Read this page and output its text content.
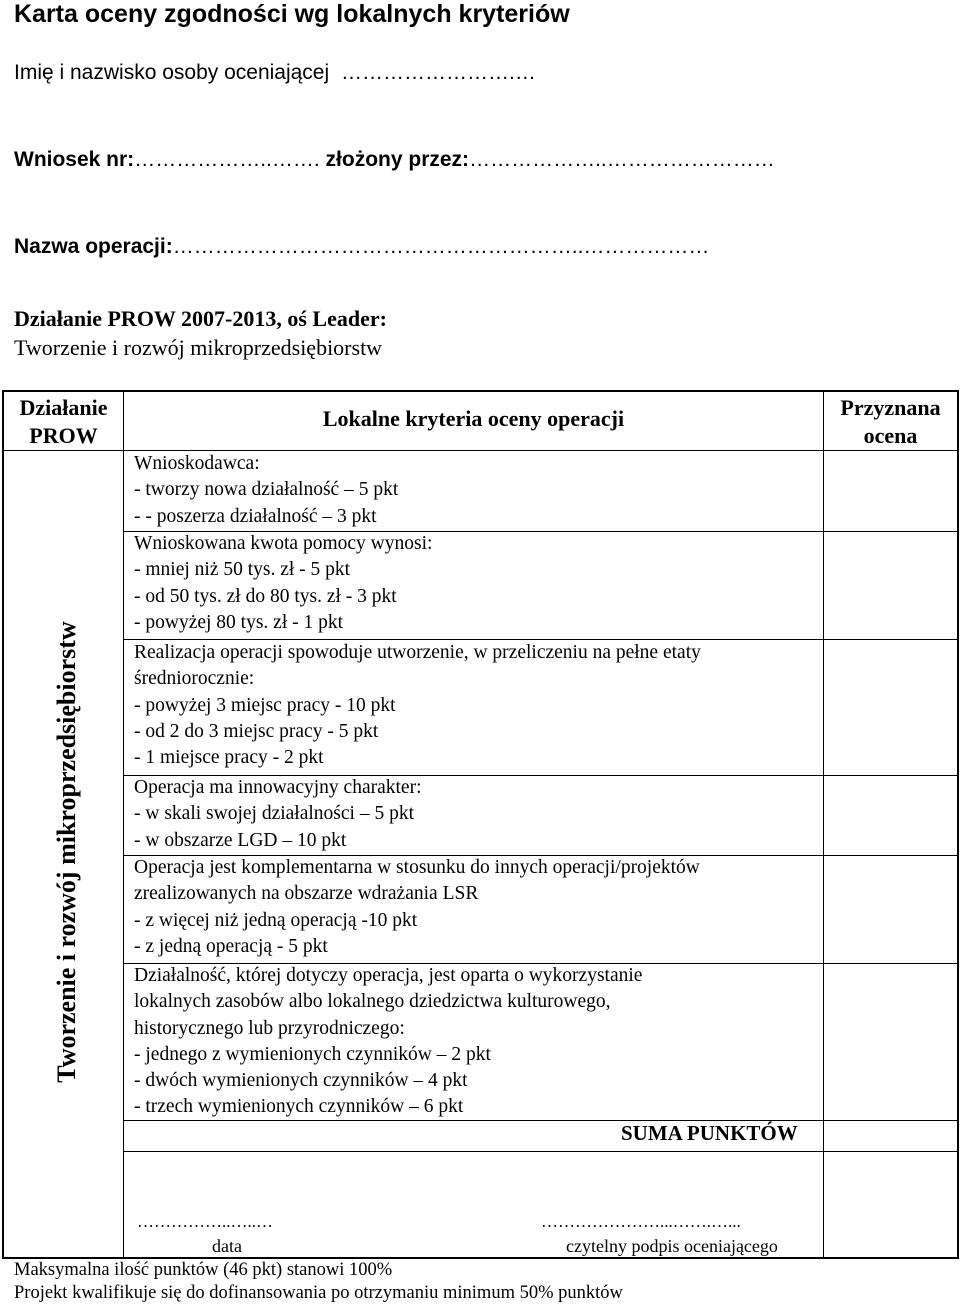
Karta oceny zgodności wg lokalnych kryteriów
Imię i nazwisko osoby oceniającej …………………….…
Wniosek nr:………………..……. złożony przez:………………..……………………
Nazwa operacji:…………………………………………………..………………
Działanie PROW 2007-2013, oś Leader:
Tworzenie i rozwój mikroprzedsiębiorstw
Działanie
PROW
Lokalne kryteria oceny operacji	Przyznana
ocena
Tworzenie i rozwój mikroprzedsiębiorstw
Wnioskodawca:
- tworzy nowa działalność – 5 pkt
- - poszerza działalność – 3 pkt
Wnioskowana kwota pomocy wynosi:
- mniej niż 50 tys. zł - 5 pkt
- od 50 tys. zł do 80 tys. zł - 3 pkt
- powyżej 80 tys. zł - 1 pkt
Realizacja operacji spowoduje utworzenie, w przeliczeniu na pełne etaty
średniorocznie:
- powyżej 3 miejsc pracy - 10 pkt
- od 2 do 3 miejsc pracy - 5 pkt
- 1 miejsce pracy - 2 pkt
Operacja ma innowacyjny charakter:
- w skali swojej działalności – 5 pkt
- w obszarze LGD – 10 pkt
Operacja jest komplementarna w stosunku do innych operacji/projektów
zrealizowanych na obszarze wdrażania LSR
- z więcej niż jedną operacją -10 pkt
- z jedną operacją - 5 pkt
Działalność, której dotyczy operacja, jest oparta o wykorzystanie
lokalnych zasobów albo lokalnego dziedzictwa kulturowego,
historycznego lub przyrodniczego:
- jednego z wymienionych czynników – 2 pkt
- dwóch wymienionych czynników – 4 pkt
- trzech wymienionych czynników – 6 pkt
SUMA PUNKTÓW
……………..…..…
data
…………………...…….…...
czytelny podpis oceniającego
Maksymalna ilość punktów (46 pkt) stanowi 100%
Projekt kwalifikuje się do dofinansowania po otrzymaniu minimum 50% punktów
